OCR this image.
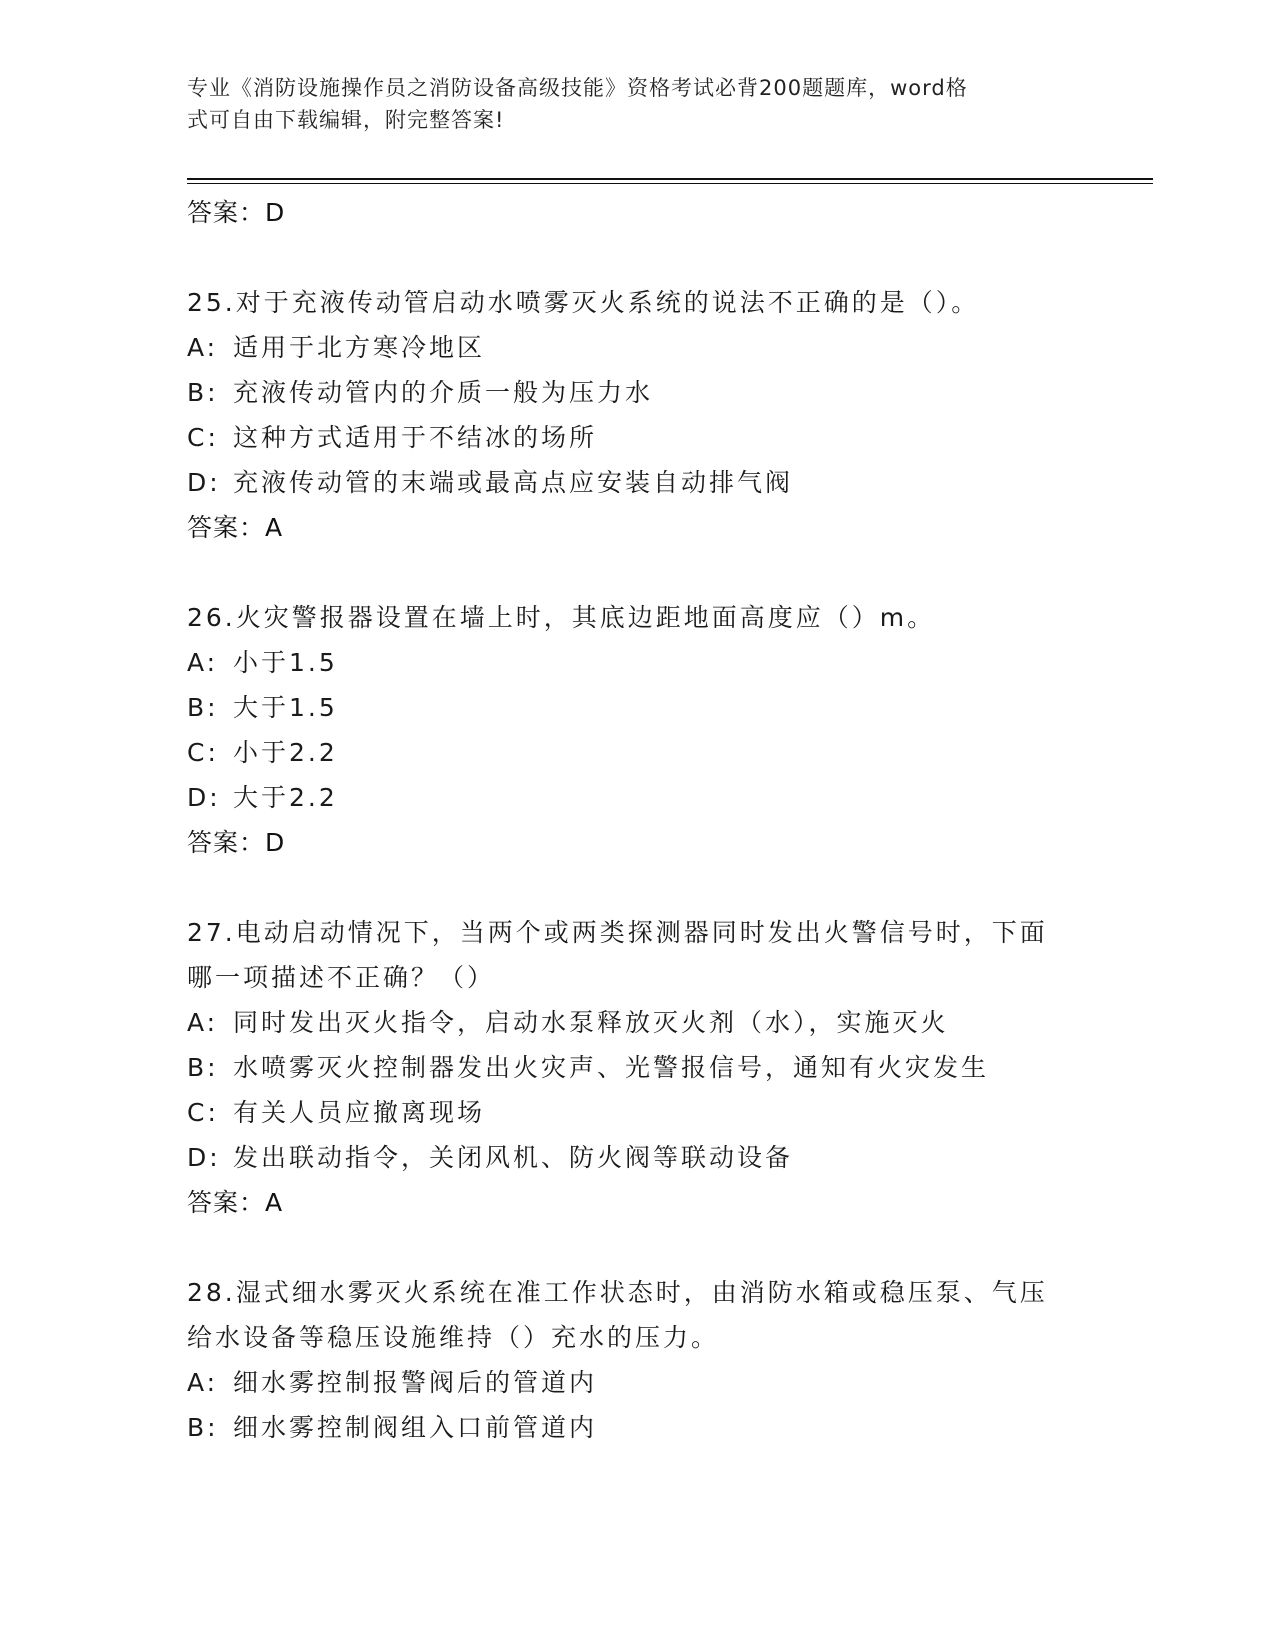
专业《消防设施操作员之消防设备高级技能》资格考试必背200题题库，word格
式可自由下载编辑，附完整答案!

答案：D

25.对于充液传动管启动水喷雾灭火系统的说法不正确的是（）。

A: 适用于北方寒冷地区

B: 充液传动管内的介质一般为压力水

C: 这种方式适用于不结冰的场所

D: 充液传动管的末端或最高点应安装自动排气阀

答案：A

26.火灾警报器设置在墙上时，其底边距地面高度应（）m。

A: 小于1.5

B: 大于1.5

C: 小于2.2

D: 大于2.2

答案：D

27.电动启动情况下，当两个或两类探测器同时发出火警信号时，下面

哪一项描述不正确？（）

A: 同时发出灭火指令，启动水泵释放灭火剂（水），实施灭火

B: 水喷雾灭火控制器发出火灾声、光警报信号，通知有火灾发生

C: 有关人员应撤离现场

D: 发出联动指令，关闭风机、防火阀等联动设备

答案：A

28.湿式细水雾灭火系统在准工作状态时，由消防水箱或稳压泵、气压

给水设备等稳压设施维持（）充水的压力。

A: 细水雾控制报警阀后的管道内

B: 细水雾控制阀组入口前管道内
